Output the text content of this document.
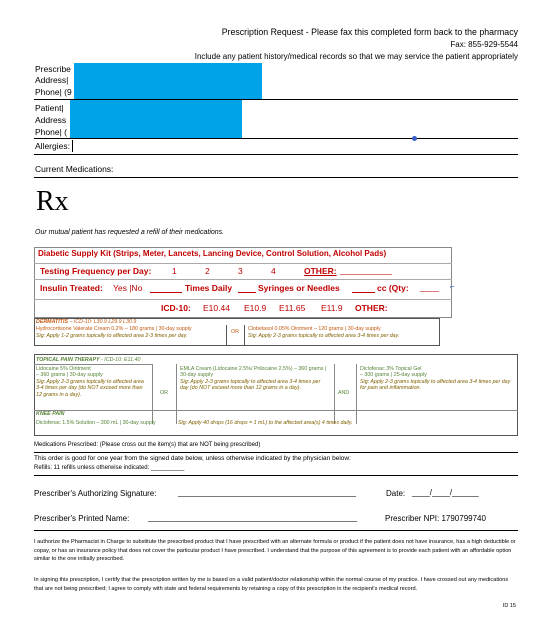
Prescription Request - Please fax this completed form back to the pharmacy
Fax: 855-929-5544
Include any patient history/medical records so that we may service the patient appropriately
Prescribe
Address|
Phone| (9
Patient|
Address
Phone| (
Allergies:
Current Medications:
Rx
Our mutual patient has requested a refill of their medications.
Diabetic Supply Kit (Strips, Meter, Lancets, Lancing Device, Control Solution, Alcohol Pads)
Testing Frequency per Day: 1	2	3	4	OTHER: ___________
Insulin Treated: Yes |No	Times Daily	Syringes or Needles	cc (Qty: ____ ⌐
ICD-10: E10.44 E10.9 E11.65 E11.9 OTHER:
DERMATITIS – ICD-10: L30.9 L29.9 L30.9
Hydrocortisone Valerate Cream 0.2% – 180 grams | 30-day supply
Sig: Apply 1-2 grams topically to affected area 2-3 times per day.
OR Clobetasol 0.05% Ointment – 120 grams | 30-day supply
Sig: Apply 2-3 grams topically to affected area 3-4 times per day.
TOPICAL PAIN THERAPY - ICD-10: E11.40
Lidocaine 5% Ointment
– 360 grams | 30-day supply
Sig: Apply 2-3 grams topically to affected area 3-4 times per day (do NOT exceed more than 12 grams in a day).	OR
EMLA Cream (Lidocaine 2.5%/ Prilocaine 2.5%) – 360 grams | 30-day supply
Sig: Apply 2-3 grams topically to affected area 3-4 times per day (do NOT exceed more than 12 grams in a day).
AND
Diclofenac 3% Topical Gel
– 300 grams | 25-day supply
Sig: Apply 2-3 grams topically to affected area 3-4 times per day for pain and inflammation.
KNEE PAIN
Diclofenac 1.5% Solution – 300 mL | 30-day supply	Sig: Apply 40 drops (16 drops = 1 mL) to the affected area(s) 4 times daily.
Medications Prescribed: (Please cross out the item(s) that are NOT being prescribed)
This order is good for one year from the signed date below, unless otherwise indicated by the physician below:
Refills: 11 refills unless otherwise indicated: __________
Prescriber's Authorizing Signature:	________________________________________	Date: ____/____/______
Prescriber's Printed Name: _______________________________________________	Prescriber NPI: 1790799740
I authorize the Pharmacist in Charge to substitute the prescribed product that I have prescribed with an alternate formula or product if the patient does not have insurance, has a high deductible or copay, or has an insurance policy that does not cover the particular product I have prescribed. I understand that the purpose of this agreement is to provide each patient with an affordable option similar to the one initially prescribed.
In signing this prescription, I certify that the prescription written by me is based on a valid patient/doctor relationship within the normal course of my practice. I have crossed out any medications that are not being prescribed; I agree to comply with state and federal requirements by retaining a copy of this prescription in the recipient's medical record.
ID 15
